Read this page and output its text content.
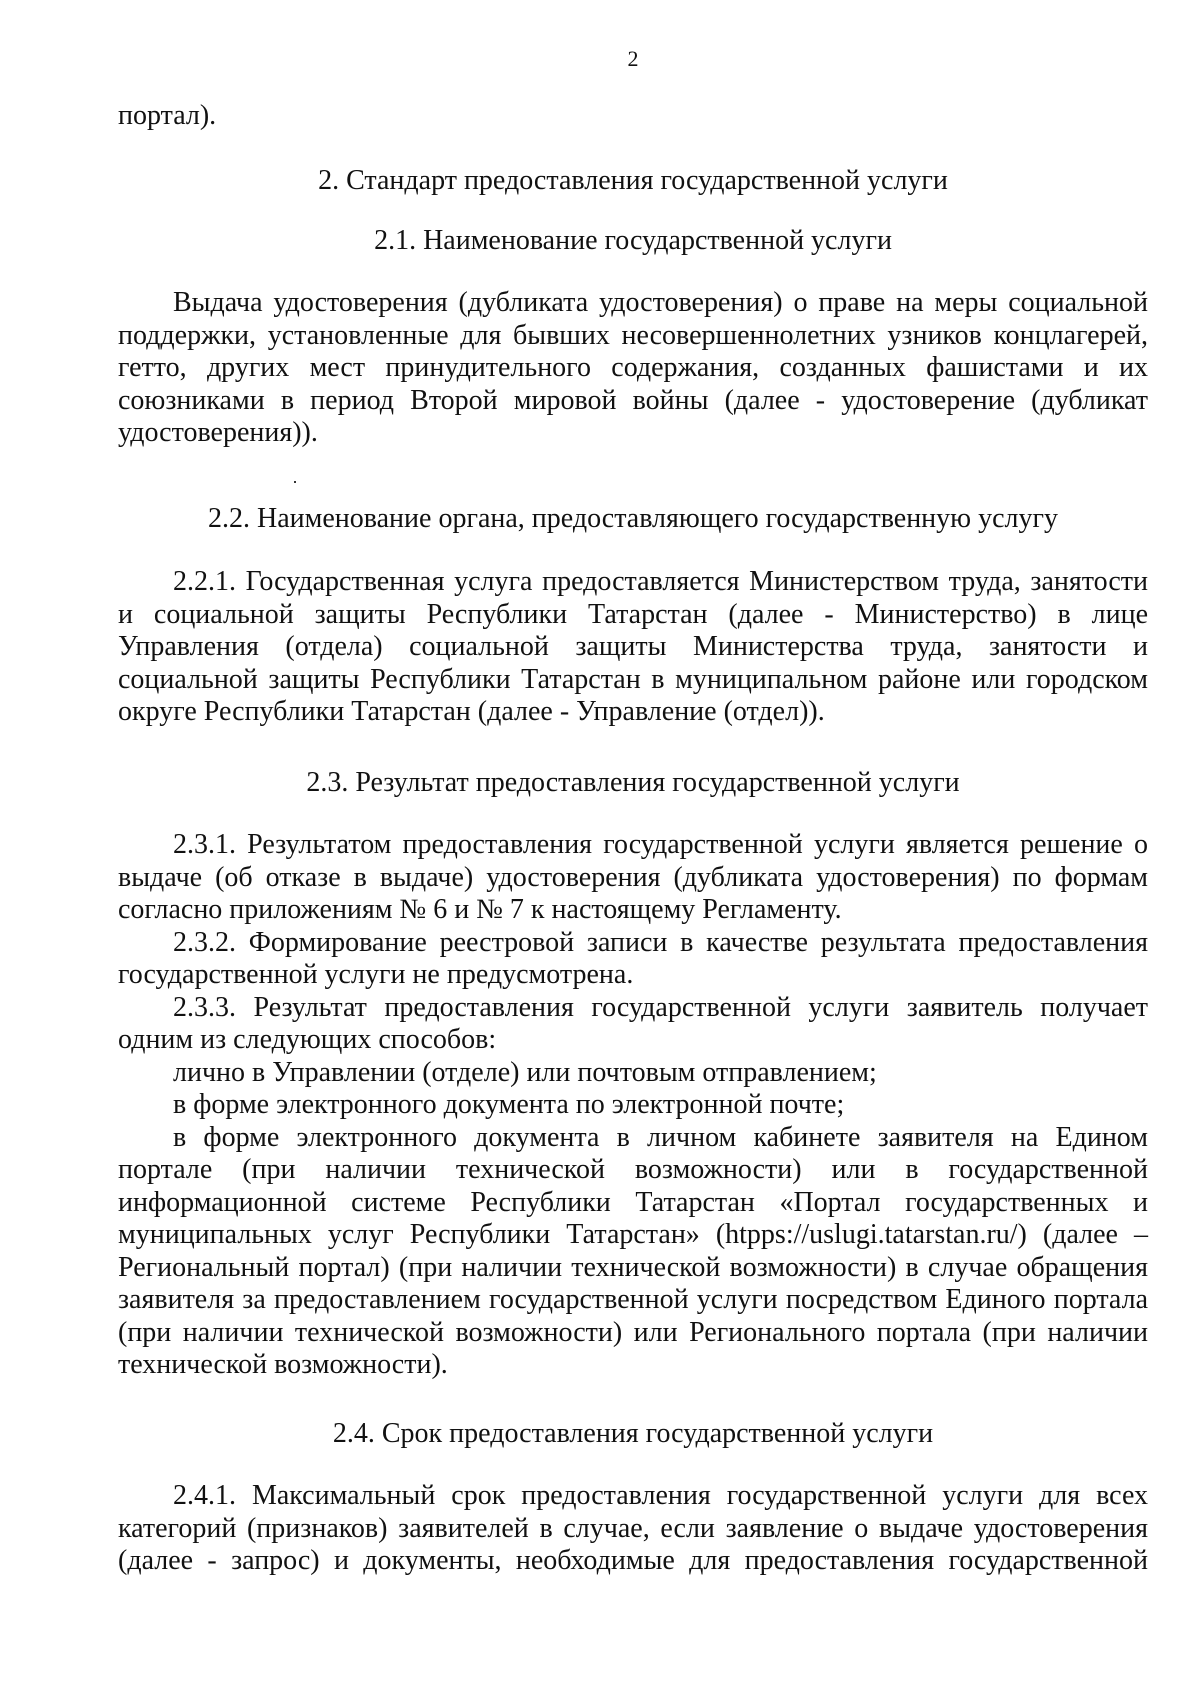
2

портал).

2. Стандарт предоставления государственной услуги
2.1. Наименование государственной услуги

Выдача удостоверения (дубликата удостоверения) о праве на меры социальной поддержки, установленные для бывших несовершеннолетних узников концлагерей, гетто, других мест принудительного содержания, созданных фашистами и их союзниками в период Второй мировой войны (далее - удостоверение (дубликат удостоверения)).

2.2. Наименование органа, предоставляющего государственную услугу

2.2.1. Государственная услуга предоставляется Министерством труда, занятости и социальной защиты Республики Татарстан (далее - Министерство) в лице Управления (отдела) социальной защиты Министерства труда, занятости и социальной защиты Республики Татарстан в муниципальном районе или городском округе Республики Татарстан (далее - Управление (отдел)).

2.3. Результат предоставления государственной услуги

2.3.1. Результатом предоставления государственной услуги является решение о выдаче (об отказе в выдаче) удостоверения (дубликата удостоверения) по формам согласно приложениям № 6 и № 7 к настоящему Регламенту.

2.3.2. Формирование реестровой записи в качестве результата предоставления государственной услуги не предусмотрена.

2.3.3. Результат предоставления государственной услуги заявитель получает одним из следующих способов:

лично в Управлении (отделе) или почтовым отправлением;

в форме электронного документа по электронной почте;

в форме электронного документа в личном кабинете заявителя на Едином портале (при наличии технической возможности) или в государственной информационной системе Республики Татарстан «Портал государственных и муниципальных услуг Республики Татарстан» (htpps://uslugi.tatarstan.ru/) (далее – Региональный портал) (при наличии технической возможности) в случае обращения заявителя за предоставлением государственной услуги посредством Единого портала (при наличии технической возможности) или Регионального портала (при наличии технической возможности).

2.4. Срок предоставления государственной услуги

2.4.1. Максимальный срок предоставления государственной услуги для всех категорий (признаков) заявителей в случае, если заявление о выдаче удостоверения (далее - запрос) и документы, необходимые для предоставления государственной
